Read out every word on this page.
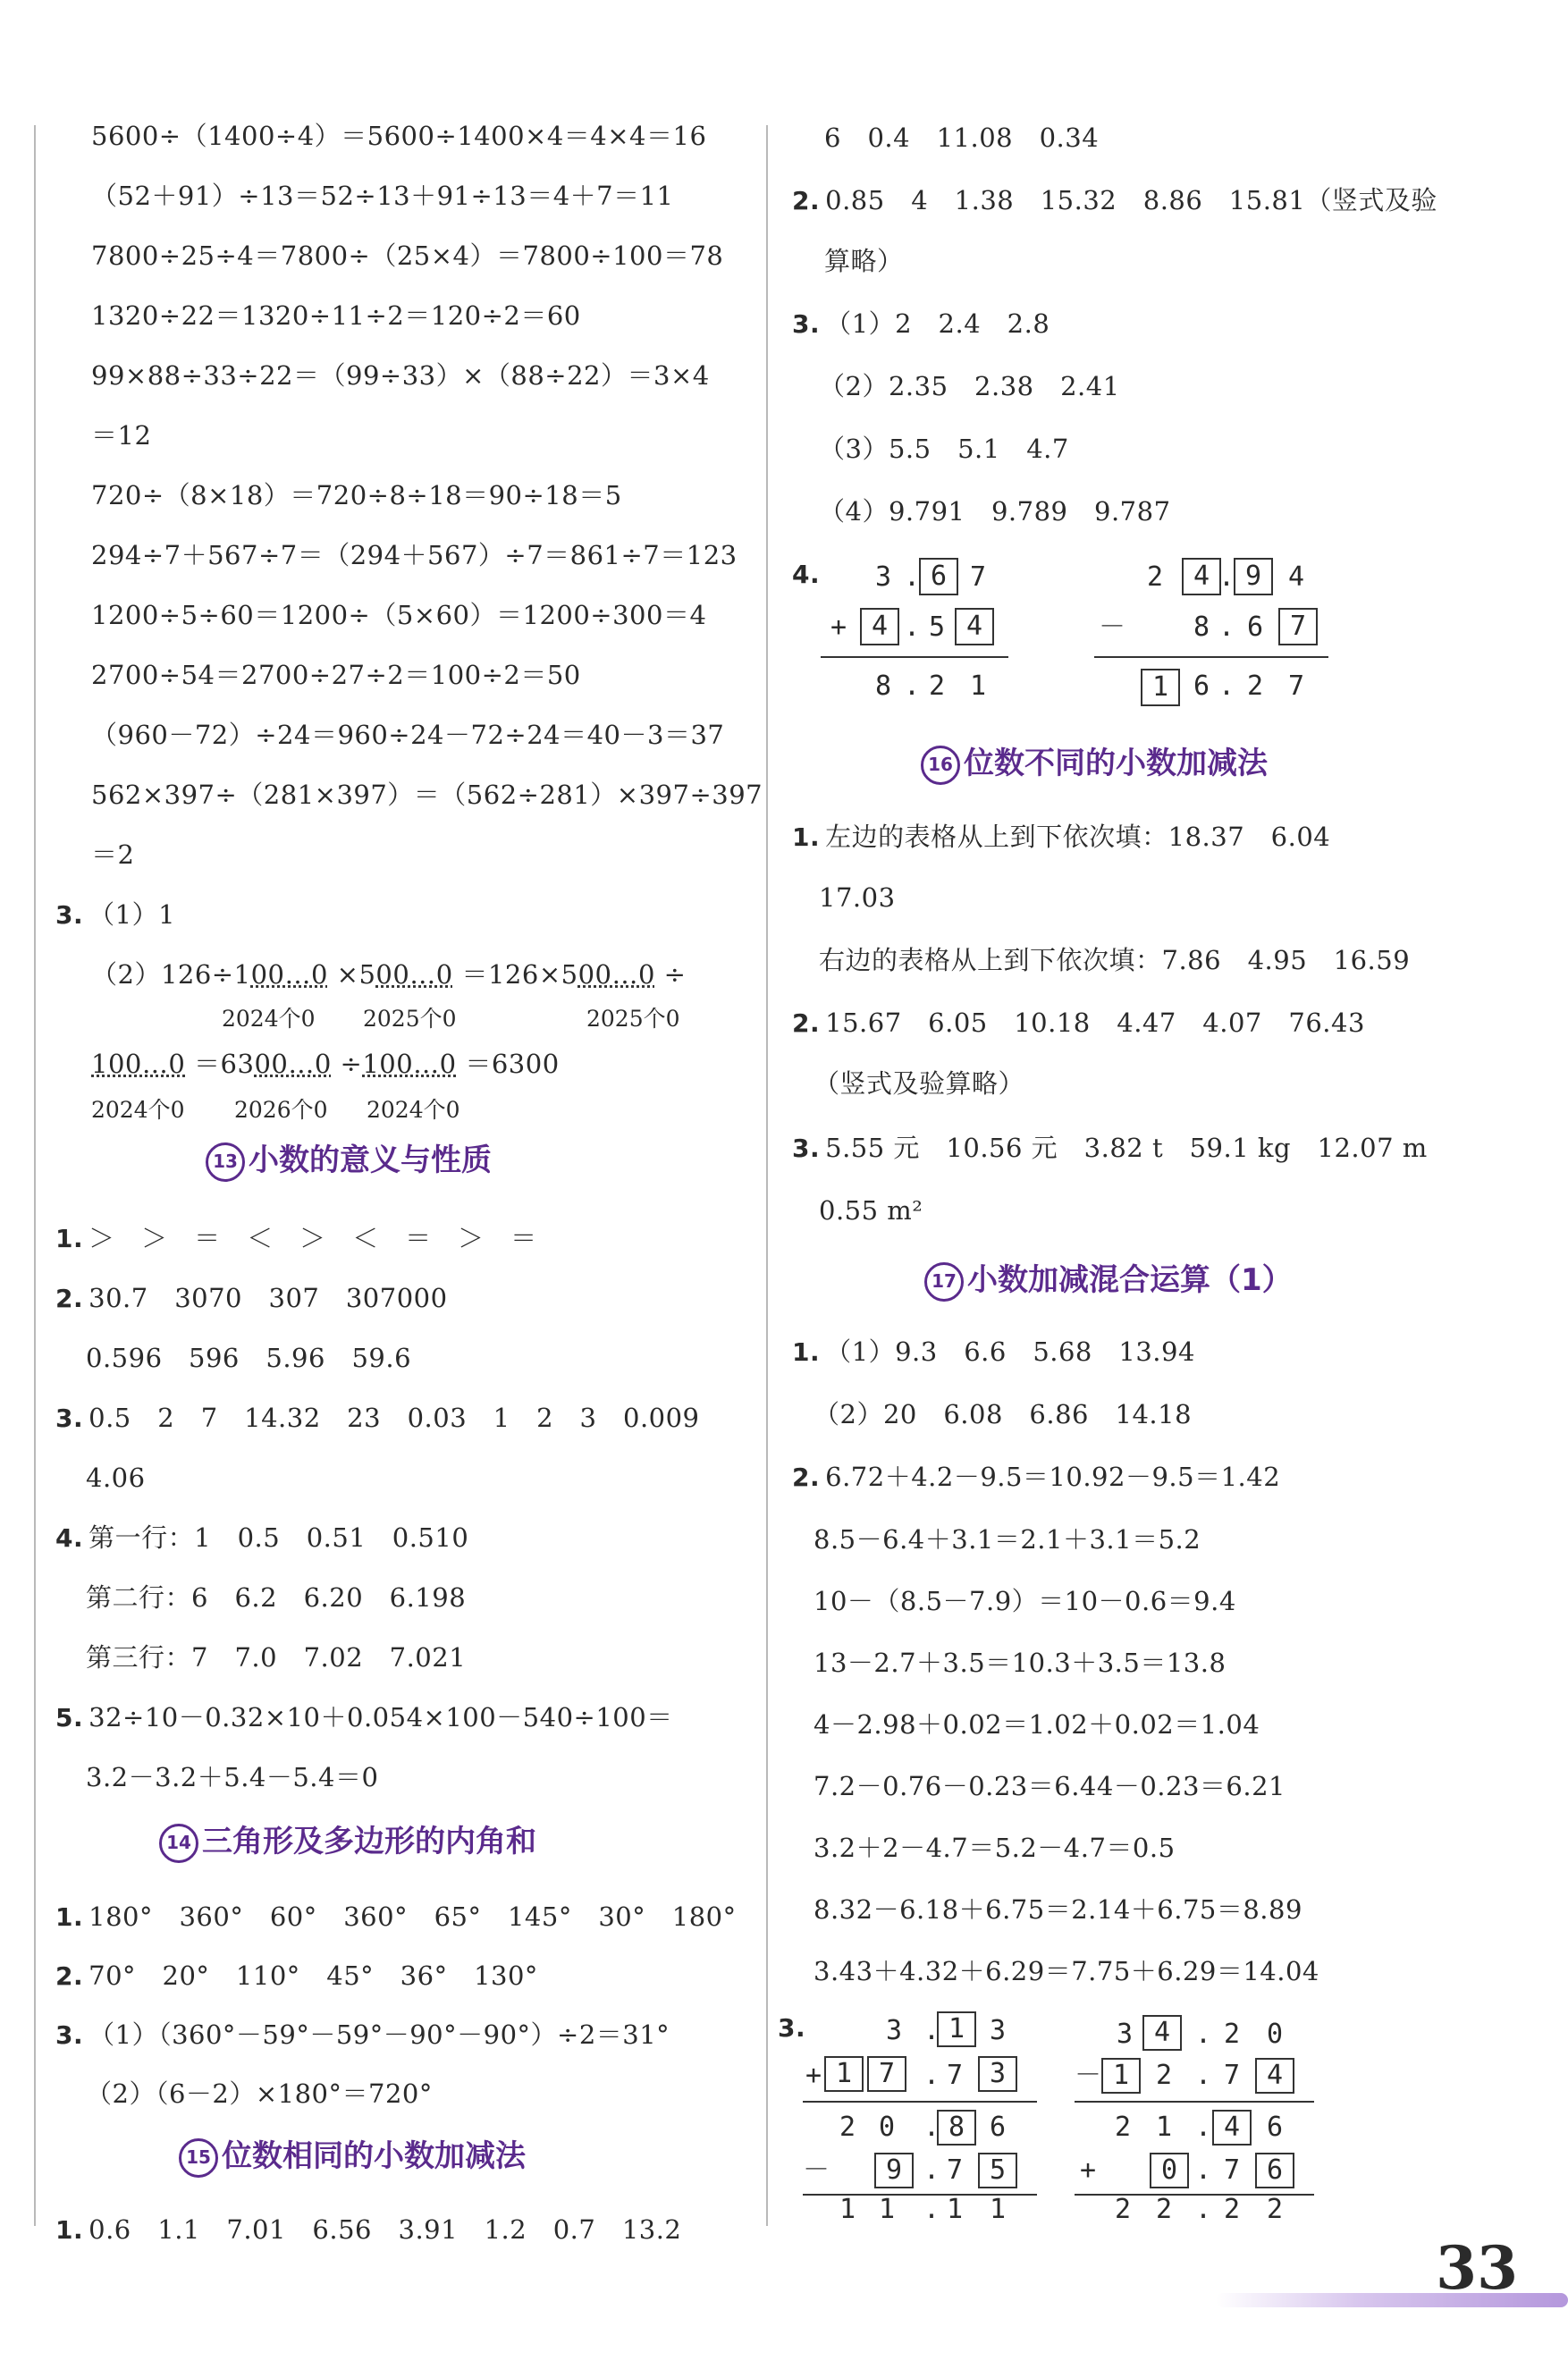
5600÷（1400÷4）＝5600÷1400×4＝4×4＝16
（52＋91）÷13＝52÷13＋91÷13＝4＋7＝11
7800÷25÷4＝7800÷（25×4）＝7800÷100＝78
1320÷22＝1320÷11÷2＝120÷2＝60
99×88÷33÷22＝（99÷33）×（88÷22）＝3×4
＝12
720÷（8×18）＝720÷8÷18＝90÷18＝5
294÷7＋567÷7＝（294＋567）÷7＝861÷7＝123
1200÷5÷60＝1200÷（5×60）＝1200÷300＝4
2700÷54＝2700÷27÷2＝100÷2＝50
（960－72）÷24＝960÷24－72÷24＝40－3＝37
562×397÷（281×397）＝（562÷281）×397÷397
＝2
3. （1）1
（2）126÷100…0 ×500…0 ＝126×500…0 ÷
2024个0 2025个0	2025个0
100…0 ＝6300…0 ÷100…0 ＝6300
2024个0 2026个0 2024个0
13 小数的意义与性质
1. ＞　＞　＝　＜　＞　＜　＝　＞　＝
2. 30.7　3070　307　307000
0.596　596　5.96　59.6
3. 0.5　2　7　14.32　23　0.03　1　2　3　0.009
4.06
4. 第一行：1　0.5　0.51　0.510
第二行：6　6.2　6.20　6.198
第三行：7　7.0　7.02　7.021
5. 32÷10－0.32×10＋0.054×100－540÷100＝
3.2－3.2＋5.4－5.4＝0
14 三角形及多边形的内角和
1. 180°　360°　60°　360°　65°　145°　30°　180°
2. 70°　20°　110°　45°　36°　130°
3. （1）（360°－59°－59°－90°－90°）÷2＝31°
（2）（6－2）×180°＝720°
15 位数相同的小数加减法
1. 0.6　1.1　7.01　6.56　3.91　1.2　0.7　13.2
6　0.4　11.08　0.34
2. 0.85　4　1.38　15.32　8.86　15.81（竖式及验
算略）
3. （1）2　2.4　2.8
（2）2.35　2.38　2.41
（3）5.5　5.1　4.7
（4）9.791　9.789　9.787
4.	3 . 6 7
+ 4 . 5 4
8 . 2 1
2	4 . 9 4
－	8 . 6 7
1 6 . 2 7
16 位数不同的小数加减法
1. 左边的表格从上到下依次填：18.37　6.04
17.03
右边的表格从上到下依次填：7.86　4.95　16.59
2. 15.67　6.05　10.18　4.47　4.07　76.43
（竖式及验算略）
3. 5.55 元　10.56 元　3.82 t　59.1 kg　12.07 m
0.55 m²
17 小数加减混合运算（1）
1. （1）9.3　6.6　5.68　13.94
（2）20　6.08　6.86　14.18
2. 6.72＋4.2－9.5＝10.92－9.5＝1.42
8.5－6.4＋3.1＝2.1＋3.1＝5.2
10－（8.5－7.9）＝10－0.6＝9.4
13－2.7＋3.5＝10.3＋3.5＝13.8
4－2.98＋0.02＝1.02＋0.02＝1.04
7.2－0.76－0.23＝6.44－0.23＝6.21
3.2＋2－4.7＝5.2－4.7＝0.5
8.32－6.18＋6.75＝2.14＋6.75＝8.89
3.43＋4.32＋6.29＝7.75＋6.29＝14.04
3.	3 . 1 3
+ 1 7	. 7 3
2 0	. 8 6
－	9 . 7 5
1 1	. 1 1
3 4 . 2 0
－ 1 2 . 7 4
2 1 . 4 6
+	0 . 7 6
2 2 . 2 2
33
